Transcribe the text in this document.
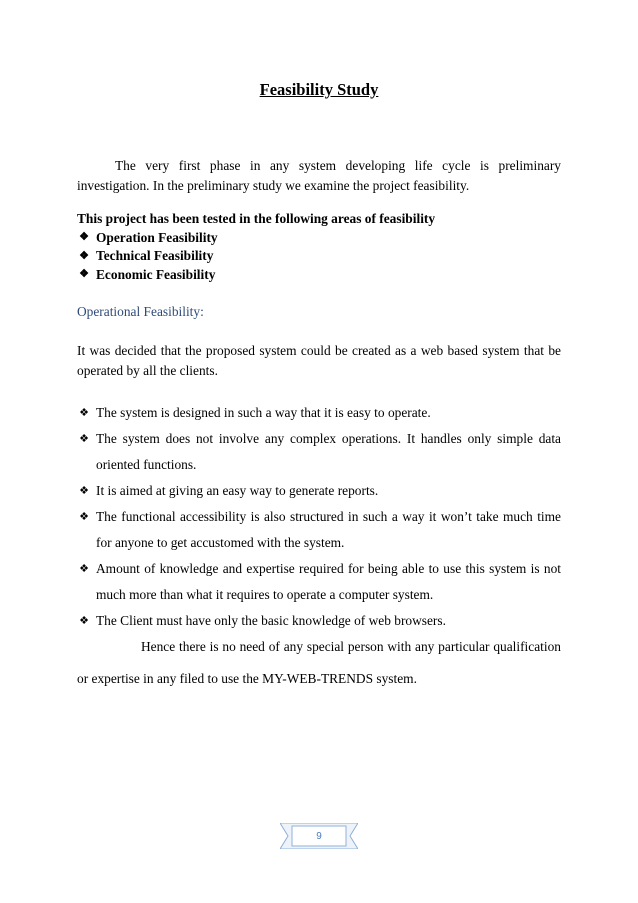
Feasibility Study
The very first phase in any system developing life cycle is preliminary investigation. In the preliminary study we examine the project feasibility.
This project has been tested in the following areas of feasibility
❖ Operation Feasibility
❖ Technical Feasibility
❖ Economic Feasibility
Operational Feasibility:
It was decided that the proposed system could be created as a web based system that be operated by all the clients.
❖ The system is designed in such a way that it is easy to operate.
❖ The system does not involve any complex operations. It handles only simple data oriented functions.
❖ It is aimed at giving an easy way to generate reports.
❖ The functional accessibility is also structured in such a way it won’t take much time for anyone to get accustomed with the system.
❖ Amount of knowledge and expertise required for being able to use this system is not much more than what it requires to operate a computer system.
❖ The Client must have only the basic knowledge of web browsers.
Hence there is no need of any special person with any particular qualification or expertise in any filed to use the MY-WEB-TRENDS system.
9
